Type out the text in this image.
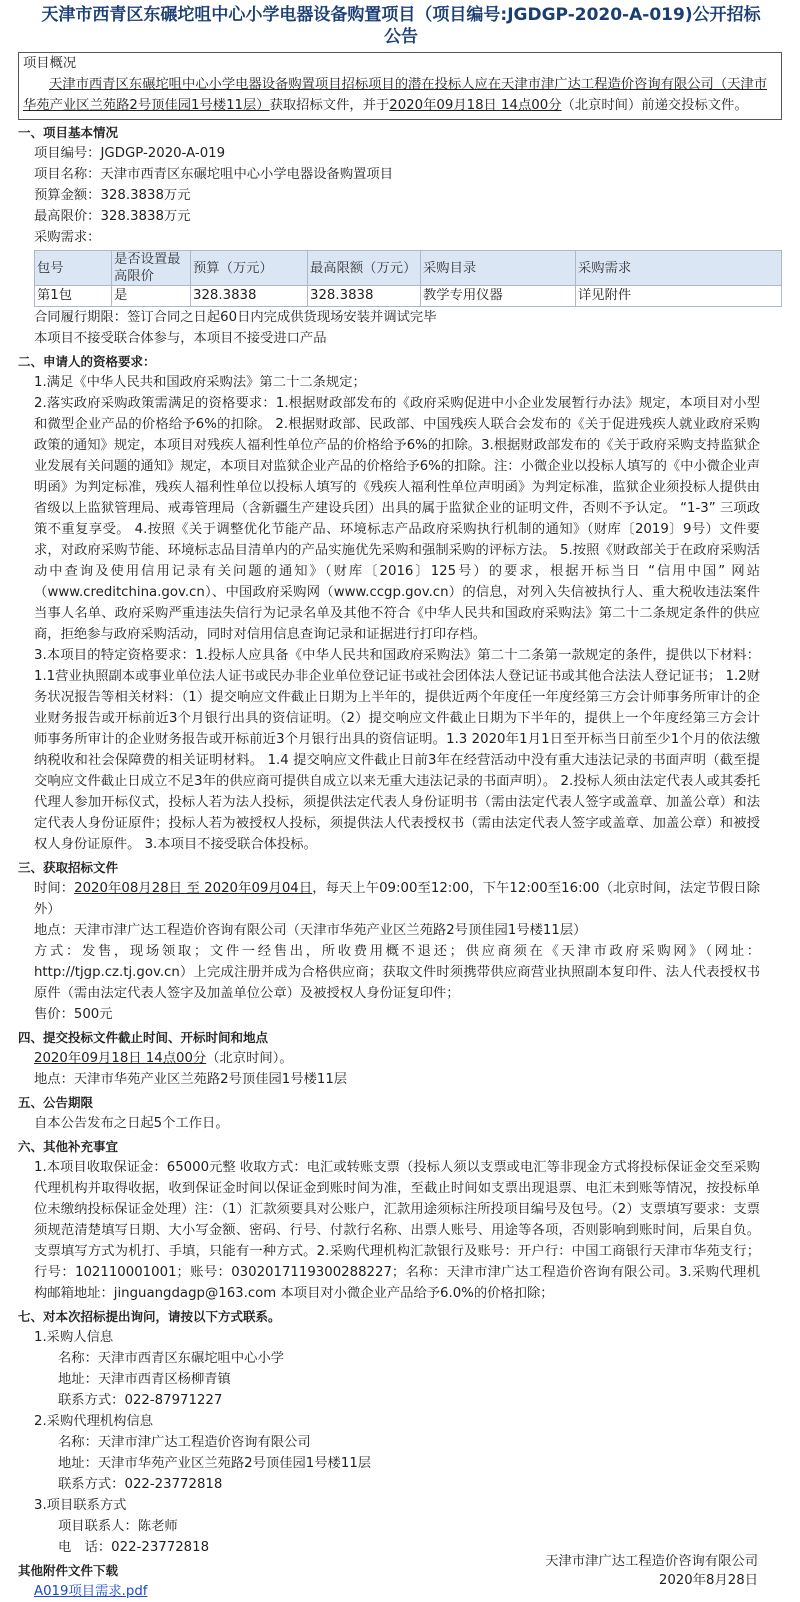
天津市西青区东碾坨咀中心小学电器设备购置项目（项目编号:JGDGP-2020-A-019)公开招标公告
项目概况
天津市西青区东碾坨咀中心小学电器设备购置项目招标项目的潜在投标人应在天津市津广达工程造价咨询有限公司（天津市华苑产业区兰苑路2号顶佳园1号楼11层）获取招标文件，并于2020年09月18日 14点00分（北京时间）前递交投标文件。
一、项目基本情况
项目编号：JGDGP-2020-A-019
项目名称：天津市西青区东碾坨咀中心小学电器设备购置项目
预算金额：328.3838万元
最高限价：328.3838万元
采购需求：
包号	是否设置最高限价	预算（万元）	最高限额（万元）	采购目录	采购需求
第1包	是	328.3838	328.3838	教学专用仪器	详见附件
合同履行期限：签订合同之日起60日内完成供货现场安装并调试完毕
本项目不接受联合体参与，本项目不接受进口产品
二、申请人的资格要求：
1.满足《中华人民共和国政府采购法》第二十二条规定；
2.落实政府采购政策需满足的资格要求：1.根据财政部发布的《政府采购促进中小企业发展暂行办法》规定，本项目对小型和微型企业产品的价格给予6%的扣除。 2.根据财政部、民政部、中国残疾人联合会发布的《关于促进残疾人就业政府采购政策的通知》规定，本项目对残疾人福利性单位产品的价格给予6%的扣除。3.根据财政部发布的《关于政府采购支持监狱企业发展有关问题的通知》规定，本项目对监狱企业产品的价格给予6%的扣除。注：小微企业以投标人填写的《中小微企业声明函》为判定标准，残疾人福利性单位以投标人填写的《残疾人福利性单位声明函》为判定标准，监狱企业须投标人提供由省级以上监狱管理局、戒毒管理局（含新疆生产建设兵团）出具的属于监狱企业的证明文件，否则不予认定。 “1-3” 三项政策不重复享受。 4.按照《关于调整优化节能产品、环境标志产品政府采购执行机制的通知》（财库〔2019〕9号）文件要求，对政府采购节能、环境标志品目清单内的产品实施优先采购和强制采购的评标方法。 5.按照《财政部关于在政府采购活动中查询及使用信用记录有关问题的通知》（财库〔2016〕125号）的要求，根据开标当日 “信用中国” 网站（www.creditchina.gov.cn）、中国政府采购网（www.ccgp.gov.cn）的信息，对列入失信被执行人、重大税收违法案件当事人名单、政府采购严重违法失信行为记录名单及其他不符合《中华人民共和国政府采购法》第二十二条规定条件的供应商，拒绝参与政府采购活动，同时对信用信息查询记录和证据进行打印存档。
3.本项目的特定资格要求：1.投标人应具备《中华人民共和国政府采购法》第二十二条第一款规定的条件，提供以下材料： 1.1营业执照副本或事业单位法人证书或民办非企业单位登记证书或社会团体法人登记证书或其他合法法人登记证书； 1.2财务状况报告等相关材料：（1）提交响应文件截止日期为上半年的，提供近两个年度任一年度经第三方会计师事务所审计的企业财务报告或开标前近3个月银行出具的资信证明。（2）提交响应文件截止日期为下半年的，提供上一个年度经第三方会计师事务所审计的企业财务报告或开标前近3个月银行出具的资信证明。1.3 2020年1月1日至开标当日前至少1个月的依法缴纳税收和社会保障费的相关证明材料。 1.4 提交响应文件截止日前3年在经营活动中没有重大违法记录的书面声明（截至提交响应文件截止日成立不足3年的供应商可提供自成立以来无重大违法记录的书面声明）。 2.投标人须由法定代表人或其委托代理人参加开标仪式，投标人若为法人投标，须提供法定代表人身份证明书（需由法定代表人签字或盖章、加盖公章）和法定代表人身份证原件；投标人若为被授权人投标，须提供法人代表授权书（需由法定代表人签字或盖章、加盖公章）和被授权人身份证原件。 3.本项目不接受联合体投标。
三、获取招标文件
时间：2020年08月28日 至 2020年09月04日，每天上午09:00至12:00，下午12:00至16:00（北京时间，法定节假日除外）
地点：天津市津广达工程造价咨询有限公司（天津市华苑产业区兰苑路2号顶佳园1号楼11层）
方式：发售，现场领取；文件一经售出，所收费用概不退还；供应商须在《天津市政府采购网》（网址：http://tjgp.cz.tj.gov.cn）上完成注册并成为合格供应商；获取文件时须携带供应商营业执照副本复印件、法人代表授权书原件（需由法定代表人签字及加盖单位公章）及被授权人身份证复印件；
售价：500元
四、提交投标文件截止时间、开标时间和地点
2020年09月18日 14点00分（北京时间）。
地点：天津市华苑产业区兰苑路2号顶佳园1号楼11层
五、公告期限
自本公告发布之日起5个工作日。
六、其他补充事宜
1.本项目收取保证金：65000元整 收取方式：电汇或转账支票（投标人须以支票或电汇等非现金方式将投标保证金交至采购代理机构并取得收据，收到保证金时间以保证金到账时间为准，至截止时间如支票出现退票、电汇未到账等情况，按投标单位未缴纳投标保证金处理）注：（1）汇款须要具对公账户，汇款用途须标注所投项目编号及包号。（2）支票填写要求：支票须规范清楚填写日期、大小写金额、密码、行号、付款行名称、出票人账号、用途等各项，否则影响到账时间，后果自负。支票填写方式为机打、手填，只能有一种方式。2.采购代理机构汇款银行及账号：开户行：中国工商银行天津市华苑支行；行号：102110001001；账号：0302017119300288227；名称：天津市津广达工程造价咨询有限公司。3.采购代理机构邮箱地址：jinguangdagp@163.com 本项目对小微企业产品给予6.0%的价格扣除；
七、对本次招标提出询问，请按以下方式联系。
1.采购人信息
名称：天津市西青区东碾坨咀中心小学
地址：天津市西青区杨柳青镇
联系方式：022-87971227
2.采购代理机构信息
名称：天津市津广达工程造价咨询有限公司
地址：天津市华苑产业区兰苑路2号顶佳园1号楼11层
联系方式：022-23772818
3.项目联系方式
项目联系人：陈老师
电　话：022-23772818
其他附件文件下载
A019项目需求.pdf
天津市津广达工程造价咨询有限公司
2020年8月28日
